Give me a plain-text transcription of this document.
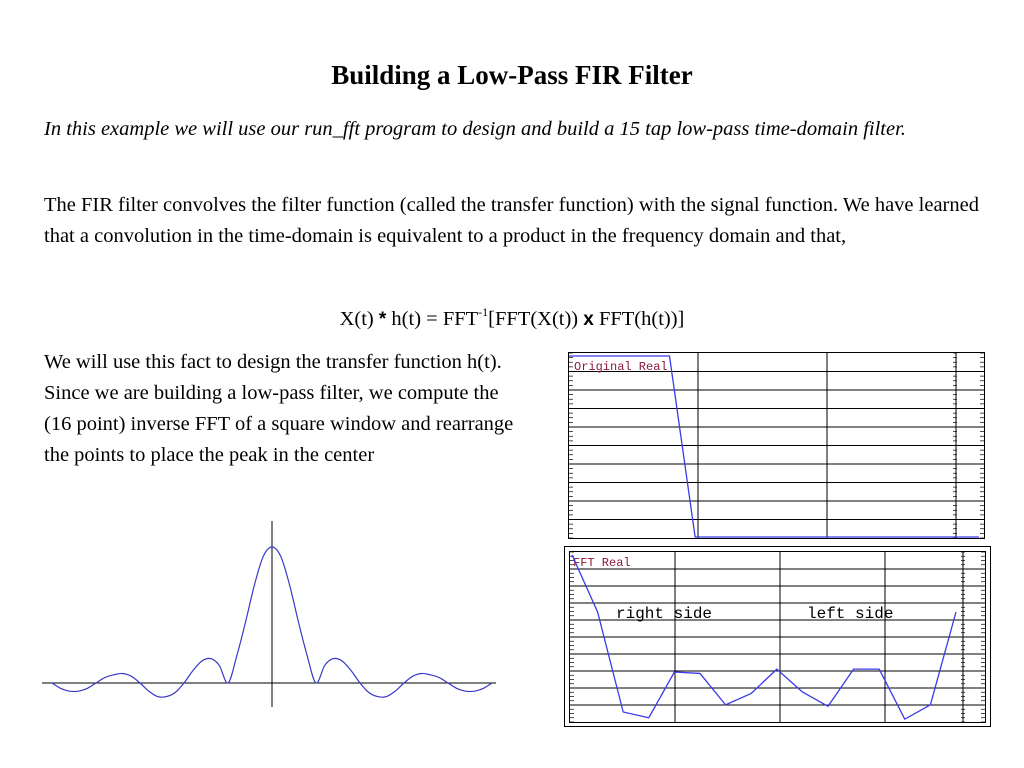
Building a Low-Pass FIR Filter
In this example we will use our run_fft program to design and build a 15 tap low-pass time-domain filter.
The FIR filter convolves the filter function (called the transfer function) with the signal function. We have learned that a convolution in the time-domain is equivalent to a product in the frequency domain and that,
$X(t) * h(t) = FFT^{-1}[FFT(X(t))$ x FFT(h(t))]
We will use this fact to design the transfer function h(t). Since we are building a low-pass filter, we compute the (16 point) inverse FFT of a square window and rearrange the points to place the peak in the center
Original Real
FFT Real
right side	left side
